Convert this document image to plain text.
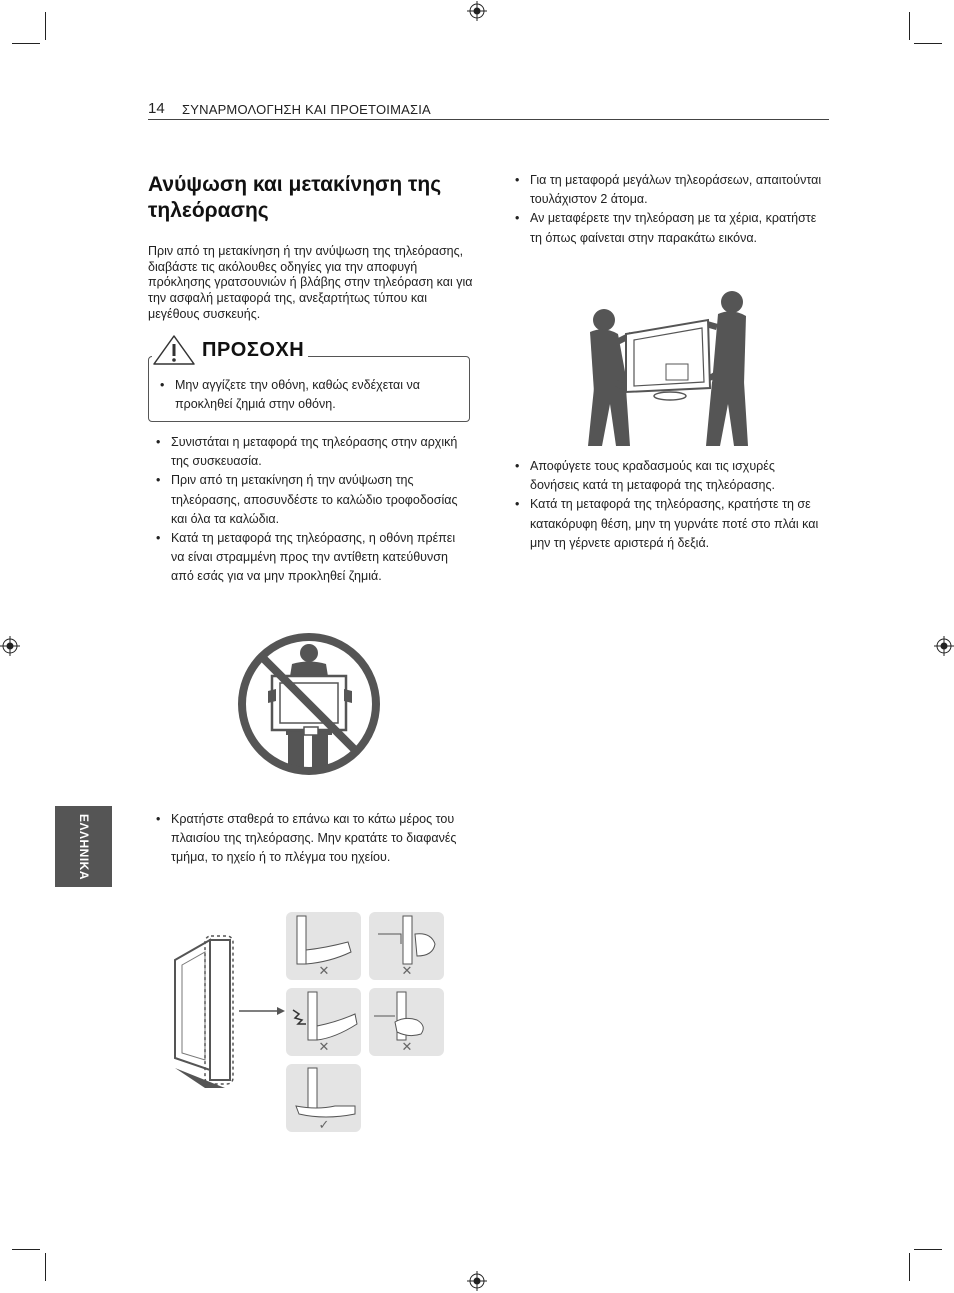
14 ΣΥΝΑΡΜΟΛΟΓΗΣΗ ΚΑΙ ΠΡΟΕΤΟΙΜΑΣΙΑ
Ανύψωση και μετακίνηση της τηλεόρασης
Πριν από τη μετακίνηση ή την ανύψωση της τηλεόρασης, διαβάστε τις ακόλουθες οδηγίες για την αποφυγή πρόκλησης γρατσουνιών ή βλάβης στην τηλεόραση και για την ασφαλή μεταφορά της, ανεξαρτήτως τύπου και μεγέθους συσκευής.
ΠΡΟΣΟΧΗ
• Μην αγγίζετε την οθόνη, καθώς ενδέχεται να προκληθεί ζημιά στην οθόνη.
• Συνιστάται η μεταφορά της τηλεόρασης στην αρχική της συσκευασία.
• Πριν από τη μετακίνηση ή την ανύψωση της τηλεόρασης, αποσυνδέστε το καλώδιο τροφοδοσίας και όλα τα καλώδια.
• Κατά τη μεταφορά της τηλεόρασης, η οθόνη πρέπει να είναι στραμμένη προς την αντίθετη κατεύθυνση από εσάς για να μην προκληθεί ζημιά.
• Κρατήστε σταθερά το επάνω και το κάτω μέρος του πλαισίου της τηλεόρασης. Μην κρατάτε το διαφανές τμήμα, το ηχείο ή το πλέγμα του ηχείου.
✕	✕
✕	✕
✓
• Για τη μεταφορά μεγάλων τηλεοράσεων, απαιτούνται τουλάχιστον 2 άτομα.
• Αν μεταφέρετε την τηλεόραση με τα χέρια, κρατήστε τη όπως φαίνεται στην παρακάτω εικόνα.
• Αποφύγετε τους κραδασμούς και τις ισχυρές δονήσεις κατά τη μεταφορά της τηλεόρασης.
• Κατά τη μεταφορά της τηλεόρασης, κρατήστε τη σε κατακόρυφη θέση, μην τη γυρνάτε ποτέ στο πλάι και μην τη γέρνετε αριστερά ή δεξιά.
ΕΛΛΗΝΙΚΑ
